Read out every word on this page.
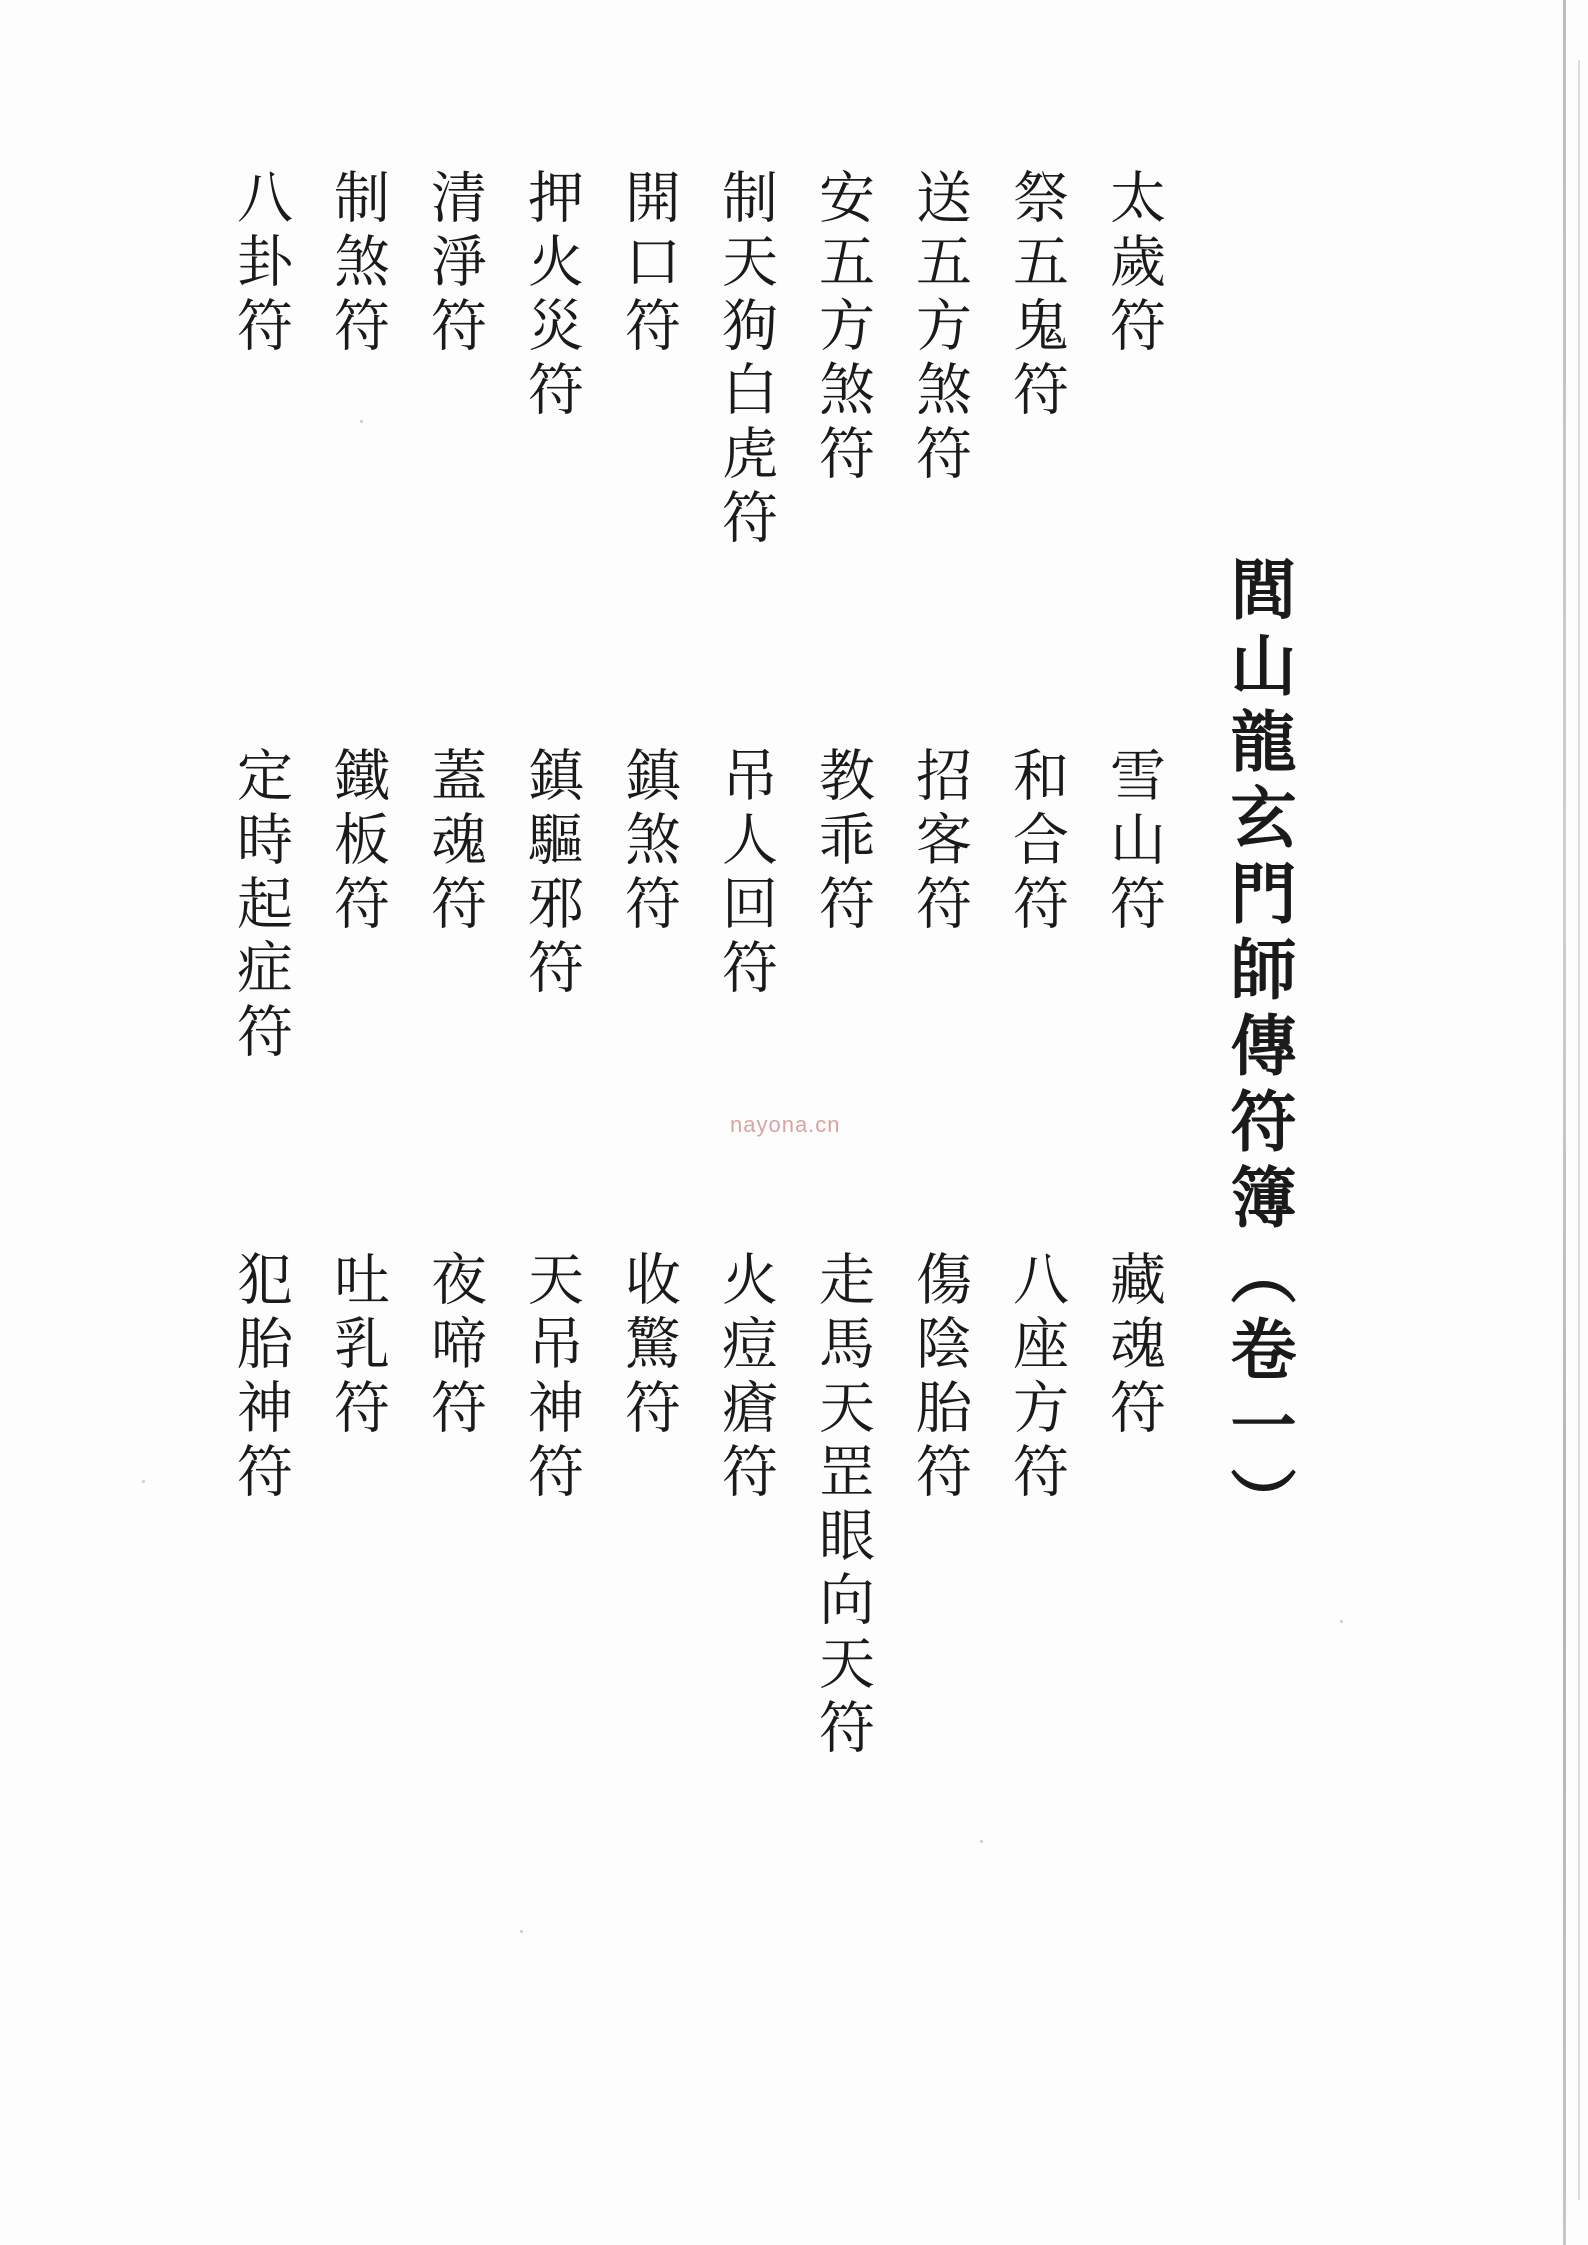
閭山龍玄門師傳符簿（卷一）
太歲符
祭五鬼符
送五方煞符
安五方煞符
制天狗白虎符
開口符
押火災符
清淨符
制煞符
八卦符
雪山符
和合符
招客符
教乖符
吊人回符
鎮煞符
鎮驅邪符
蓋魂符
鐵板符
定時起症符
藏魂符
八座方符
傷陰胎符
走馬天罡眼向天符
火痘瘡符
收驚符
天吊神符
夜啼符
吐乳符
犯胎神符
nayona.cn
